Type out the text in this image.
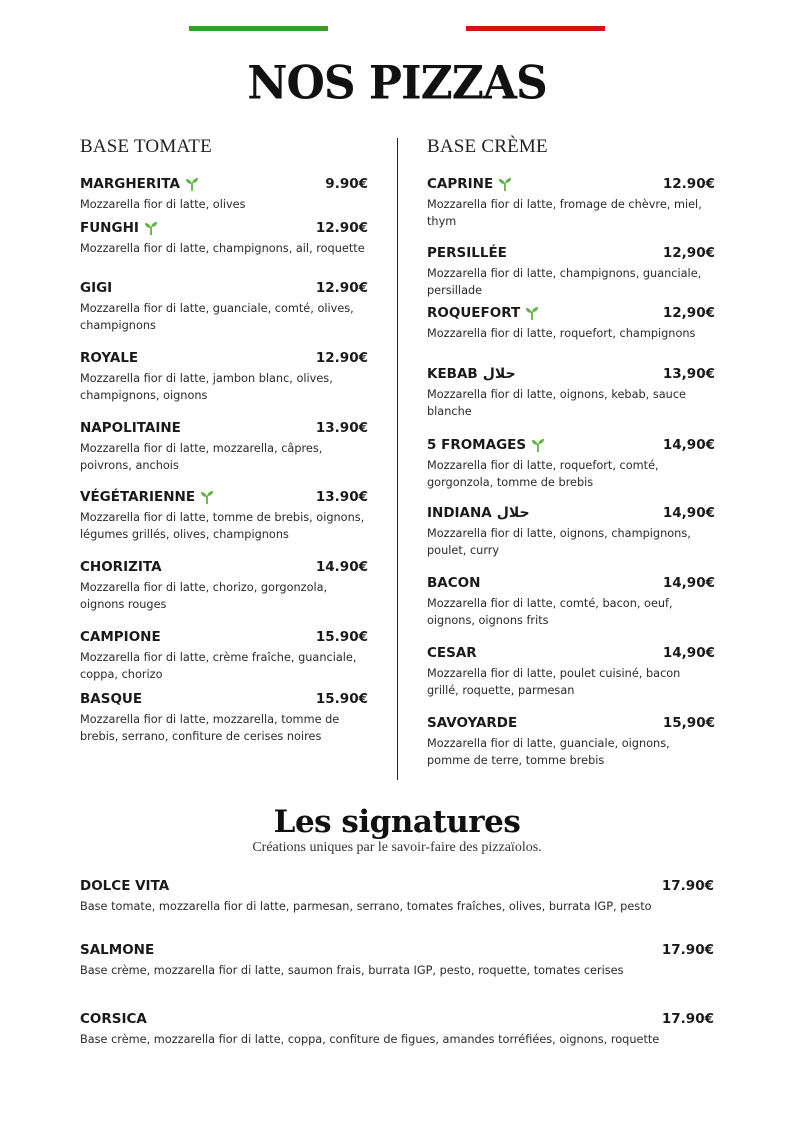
NOS PIZZAS
BASE TOMATE
MARGHERITA	9.90€
Mozzarella fior di latte, olives
FUNGHI	12.90€
Mozzarella fior di latte, champignons, ail, roquette
GIGI	12.90€
Mozzarella fior di latte, guanciale, comté, olives, champignons
ROYALE	12.90€
Mozzarella fior di latte, jambon blanc, olives, champignons, oignons
NAPOLITAINE	13.90€
Mozzarella fior di latte, mozzarella, câpres, poivrons, anchois
VÉGÉTARIENNE	13.90€
Mozzarella fior di latte, tomme de brebis, oignons, légumes grillés, olives, champignons
CHORIZITA	14.90€
Mozzarella fior di latte, chorizo, gorgonzola, oignons rouges
CAMPIONE	15.90€
Mozzarella fior di latte, crème fraîche, guanciale, coppa, chorizo
BASQUE	15.90€
Mozzarella fior di latte, mozzarella, tomme de brebis, serrano, confiture de cerises noires
BASE CRÈME
CAPRINE	12.90€
Mozzarella fior di latte, fromage de chèvre, miel, thym
PERSILLÉE	12,90€
Mozzarella fior di latte, champignons, guanciale, persillade
ROQUEFORT	12,90€
Mozzarella fior di latte, roquefort, champignons
KEBAB حلال	13,90€
Mozzarella fior di latte, oignons, kebab, sauce blanche
5 FROMAGES	14,90€
Mozzarella fior di latte, roquefort, comté, gorgonzola, tomme de brebis
INDIANA حلال	14,90€
Mozzarella fior di latte, oignons, champignons, poulet, curry
BACON	14,90€
Mozzarella fior di latte, comté, bacon, oeuf, oignons, oignons frits
CESAR	14,90€
Mozzarella fior di latte, poulet cuisiné, bacon grillé, roquette, parmesan
SAVOYARDE	15,90€
Mozzarella fior di latte, guanciale, oignons, pomme de terre, tomme brebis
Les signatures
Créations uniques par le savoir-faire des pizzaïolos.
DOLCE VITA	17.90€
Base tomate, mozzarella fior di latte, parmesan, serrano, tomates fraîches, olives, burrata IGP, pesto
SALMONE	17.90€
Base crème, mozzarella fior di latte, saumon frais, burrata IGP, pesto, roquette, tomates cerises
CORSICA	17.90€
Base crème, mozzarella fior di latte, coppa, confiture de figues, amandes torréfiées, oignons, roquette
